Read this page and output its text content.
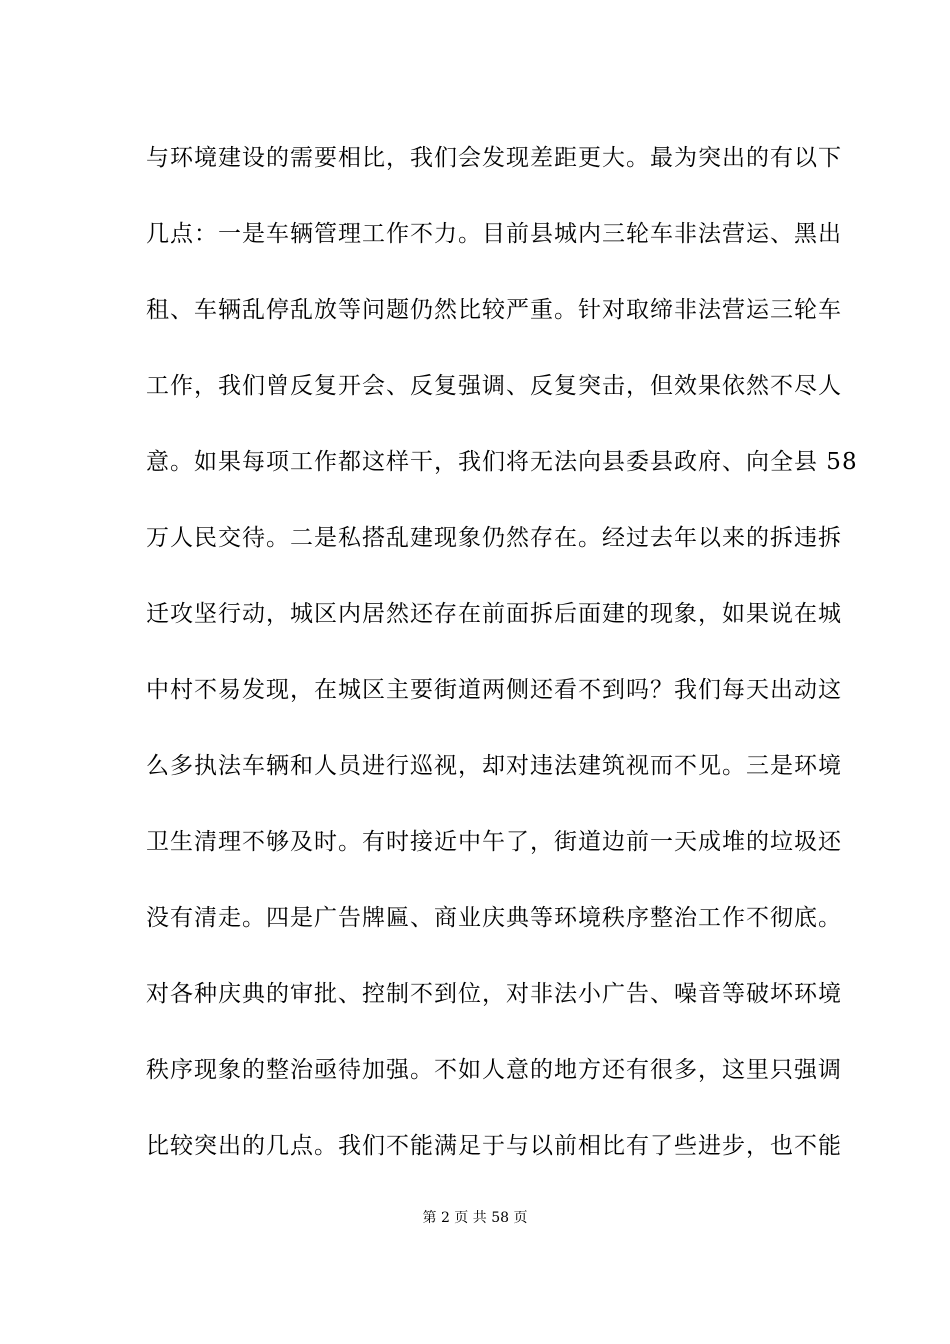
与环境建设的需要相比，我们会发现差距更大。最为突出的有以下
几点：一是车辆管理工作不力。目前县城内三轮车非法营运、黑出
租、车辆乱停乱放等问题仍然比较严重。针对取缔非法营运三轮车
工作，我们曾反复开会、反复强调、反复突击，但效果依然不尽人
意。如果每项工作都这样干，我们将无法向县委县政府、向全县 58
万人民交待。二是私搭乱建现象仍然存在。经过去年以来的拆违拆
迁攻坚行动，城区内居然还存在前面拆后面建的现象，如果说在城
中村不易发现，在城区主要街道两侧还看不到吗？我们每天出动这
么多执法车辆和人员进行巡视，却对违法建筑视而不见。三是环境
卫生清理不够及时。有时接近中午了，街道边前一天成堆的垃圾还
没有清走。四是广告牌匾、商业庆典等环境秩序整治工作不彻底。
对各种庆典的审批、控制不到位，对非法小广告、噪音等破坏环境
秩序现象的整治亟待加强。不如人意的地方还有很多，这里只强调
比较突出的几点。我们不能满足于与以前相比有了些进步，也不能
第 2 页 共 58 页
